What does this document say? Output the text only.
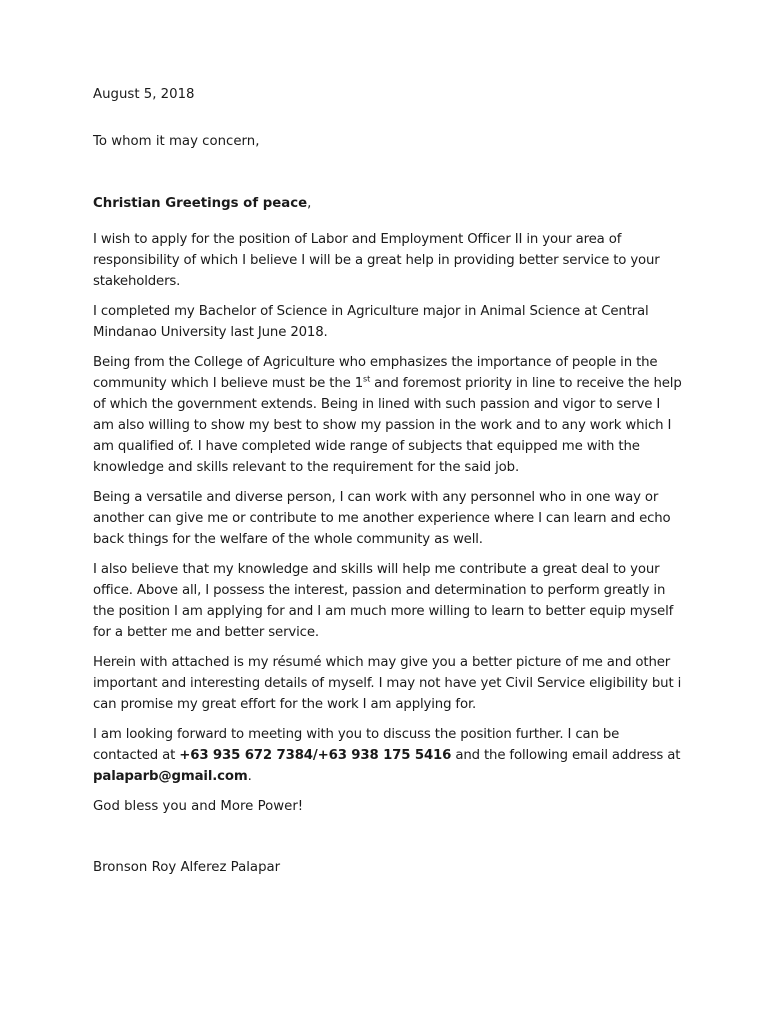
August 5, 2018
To whom it may concern,
Christian Greetings of peace,

I wish to apply for the position of Labor and Employment Officer II in your area of responsibility of which I believe I will be a great help in providing better service to your stakeholders.

I completed my Bachelor of Science in Agriculture major in Animal Science at Central Mindanao University last June 2018.

Being from the College of Agriculture who emphasizes the importance of people in the community which I believe must be the 1st and foremost priority in line to receive the help of which the government extends. Being in lined with such passion and vigor to serve I am also willing to show my best to show my passion in the work and to any work which I am qualified of. I have completed wide range of subjects that equipped me with the knowledge and skills relevant to the requirement for the said job.

Being a versatile and diverse person, I can work with any personnel who in one way or another can give me or contribute to me another experience where I can learn and echo back things for the welfare of the whole community as well.

I also believe that my knowledge and skills will help me contribute a great deal to your office. Above all, I possess the interest, passion and determination to perform greatly in the position I am applying for and I am much more willing to learn to better equip myself for a better me and better service.

Herein with attached is my résumé which may give you a better picture of me and other important and interesting details of myself. I may not have yet Civil Service eligibility but i can promise my great effort for the work I am applying for.

I am looking forward to meeting with you to discuss the position further. I can be contacted at +63 935 672 7384/+63 938 175 5416 and the following email address at palaparb@gmail.com.

God bless you and More Power!
Bronson Roy Alferez Palapar
